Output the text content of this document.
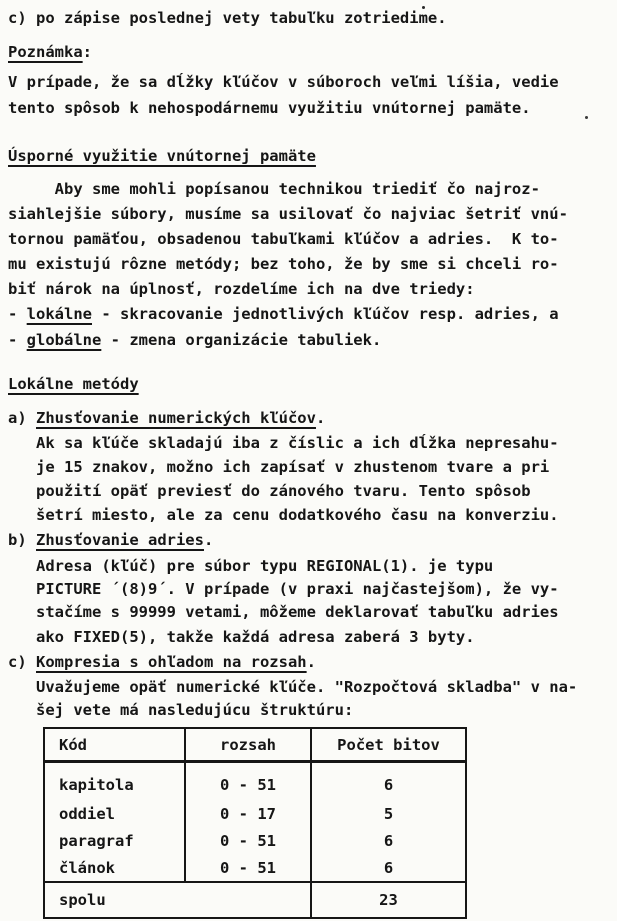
c) po zápise poslednej vety tabuľku zotriedime.
Poznámka:
V prípade, že sa dĺžky kľúčov v súboroch veľmi líšia, vedie
tento spôsob k nehospodárnemu využitiu vnútornej pamäte.
Úsporné využitie vnútornej pamäte
Aby sme mohli popísanou technikou triediť čo najroz-
siahlejšie súbory, musíme sa usilovať čo najviac šetriť vnú-
tornou pamäťou, obsadenou tabuľkami kľúčov a adries.  K to-
mu existujú rôzne metódy; bez toho, že by sme si chceli ro-
biť nárok na úplnosť, rozdelíme ich na dve triedy:
- lokálne - skracovanie jednotlivých kľúčov resp. adries, a
- globálne - zmena organizácie tabuliek.
Lokálne metódy
a) Zhusťovanie numerických kľúčov.
Ak sa kľúče skladajú iba z číslic a ich dĺžka nepresahu-
je 15 znakov, možno ich zapísať v zhustenom tvare a pri
použití opäť previesť do zánového tvaru. Tento spôsob
šetrí miesto, ale za cenu dodatkového času na konverziu.
b) Zhusťovanie adries.
Adresa (kľúč) pre súbor typu REGIONAL(1). je typu
PICTURE ´(8)9´. V prípade (v praxi najčastejšom), že vy-
stačíme s 99999 vetami, môžeme deklarovať tabuľku adries
ako FIXED(5), takže každá adresa zaberá 3 byty.
c) Kompresia s ohľadom na rozsah.
Uvažujeme opäť numerické kľúče. "Rozpočtová skladba" v na-
šej vete má nasledujúcu štruktúru:
Kód	rozsah	Počet bitov
kapitola	0 - 51	6
oddiel	0 - 17	5
paragraf	0 - 51	6
článok	0 - 51	6
spolu		23
